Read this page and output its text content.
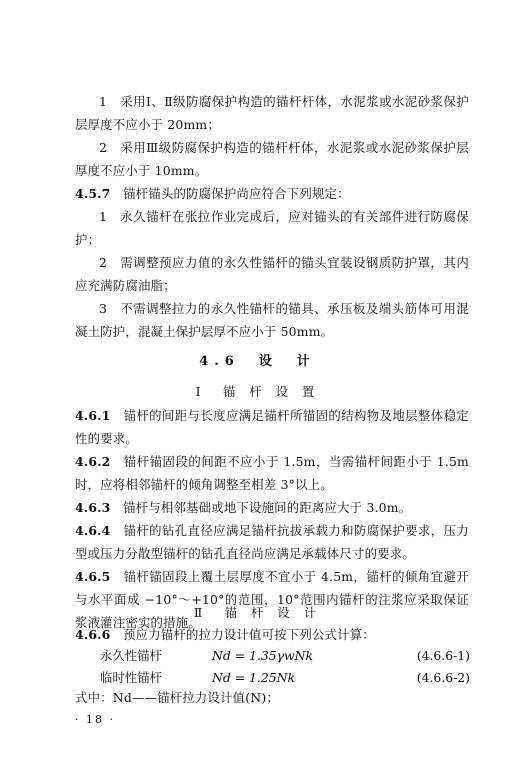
1　采用Ⅰ、Ⅱ级防腐保护构造的锚杆杆体，水泥浆或水泥砂浆保护层厚度不应小于 20mm；
2　采用Ⅲ级防腐保护构造的锚杆杆体，水泥浆或水泥砂浆保护层厚度不应小于 10mm。
4.5.7　锚杆锚头的防腐保护尚应符合下列规定：
1　永久锚杆在张拉作业完成后，应对锚头的有关部件进行防腐保护；
2　需调整预应力值的永久性锚杆的锚头宜装设钢质防护罩，其内应充满防腐油脂；
3　不需调整拉力的永久性锚杆的锚具、承压板及端头筋体可用混凝土防护，混凝土保护层厚不应小于 50mm。
4.6　设　计
Ⅰ　锚 杆 设 置
4.6.1　锚杆的间距与长度应满足锚杆所锚固的结构物及地层整体稳定性的要求。
4.6.2　锚杆锚固段的间距不应小于 1.5m，当需锚杆间距小于 1.5m 时，应将相邻锚杆的倾角调整至相差 3°以上。
4.6.3　锚杆与相邻基础或地下设施间的距离应大于 3.0m。
4.6.4　锚杆的钻孔直径应满足锚杆抗拔承载力和防腐保护要求，压力型或压力分散型锚杆的钻孔直径尚应满足承载体尺寸的要求。
4.6.5　锚杆锚固段上覆土层厚度不宜小于 4.5m，锚杆的倾角宜避开与水平面成 −10°～+10°的范围，10°范围内锚杆的注浆应采取保证浆液灌注密实的措施。
Ⅱ　锚 杆 设 计
4.6.6　预应力锚杆的拉力设计值可按下列公式计算：
永久性锚杆	Nd = 1.35γwNk	(4.6.6-1)
临时性锚杆	Nd = 1.25Nk	(4.6.6-2)
式中：Nd——锚杆拉力设计值(N)；
· 18 ·
